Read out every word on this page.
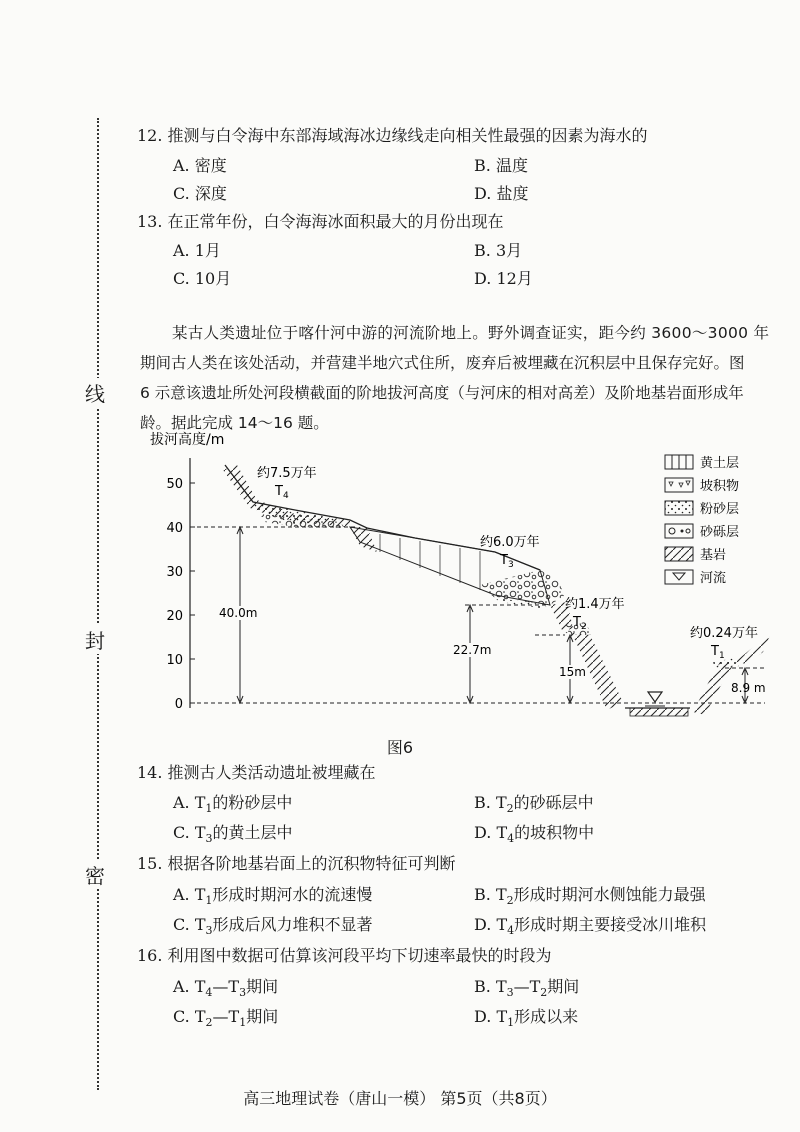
线
封
密
12. 推测与白令海中东部海域海冰边缘线走向相关性最强的因素为海水的
A. 密度	B. 温度
C. 深度	D. 盐度
13. 在正常年份，白令海海冰面积最大的月份出现在
A. 1月	B. 3月
C. 10月	D. 12月

某古人类遗址位于喀什河中游的河流阶地上。野外调查证实，距今约 3600～3000 年

期间古人类在该处活动，并营建半地穴式住所，废弃后被埋藏在沉积层中且保存完好。图
6 示意该遗址所处河段横截面的阶地拔河高度（与河床的相对高差）及阶地基岩面形成年
龄。据此完成 14～16 题。
拔河高度/m
50
40
30
20
10
0
40.0m
22.7m
15m
8.9 m
约7.5万年
$T_4$
约6.0万年
$T_3$
约1.4万年
$T_2$	约0.24万年
$T_1$
黄土层
坡积物
粉砂层
砂砾层
基岩
河流
图6
14. 推测古人类活动遗址被埋藏在
A. $T_1$的粉砂层中	B. $T_2$的砂砾层中
C. $T_3$的黄土层中	D. $T_4$的坡积物中
15. 根据各阶地基岩面上的沉积物特征可判断
A. $T_1$形成时期河水的流速慢	B. $T_2$形成时期河水侧蚀能力最强
C. $T_3$形成后风力堆积不显著	D. $T_4$形成时期主要接受冰川堆积
16. 利用图中数据可估算该河段平均下切速率最快的时段为
A. $T_4—T_3$期间	B. $T_3—T_2$期间
C. $T_2—T_1$期间	D. $T_1$形成以来
高三地理试卷（唐山一模） 第5页（共8页）
